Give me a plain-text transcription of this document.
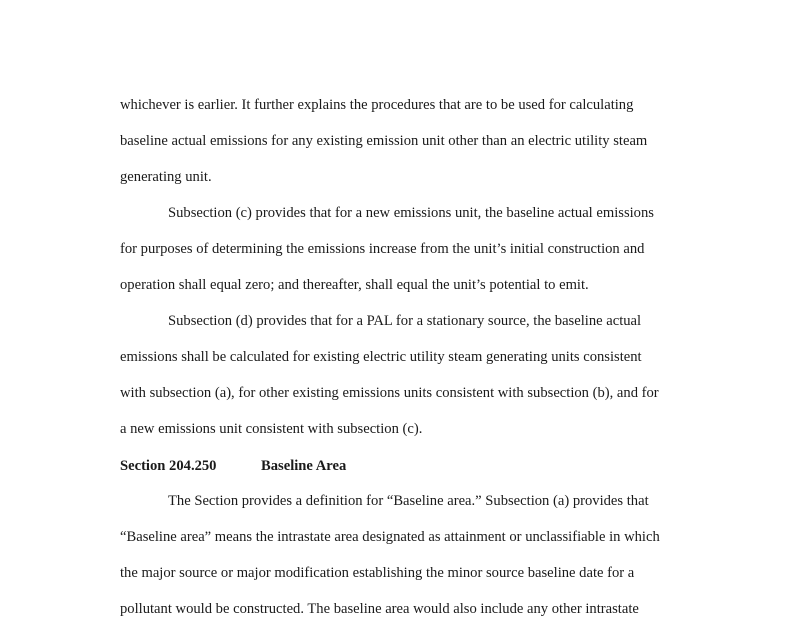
whichever is earlier. It further explains the procedures that are to be used for calculating
baseline actual emissions for any existing emission unit other than an electric utility steam
generating unit.
Subsection (c) provides that for a new emissions unit, the baseline actual emissions
for purposes of determining the emissions increase from the unit’s initial construction and
operation shall equal zero; and thereafter, shall equal the unit’s potential to emit.
Subsection (d) provides that for a PAL for a stationary source, the baseline actual
emissions shall be calculated for existing electric utility steam generating units consistent
with subsection (a), for other existing emissions units consistent with subsection (b), and for
a new emissions unit consistent with subsection (c).
Section 204.250	Baseline Area
The Section provides a definition for “Baseline area.” Subsection (a) provides that
“Baseline area” means the intrastate area designated as attainment or unclassifiable in which
the major source or major modification establishing the minor source baseline date for a
pollutant would be constructed. The baseline area would also include any other intrastate
